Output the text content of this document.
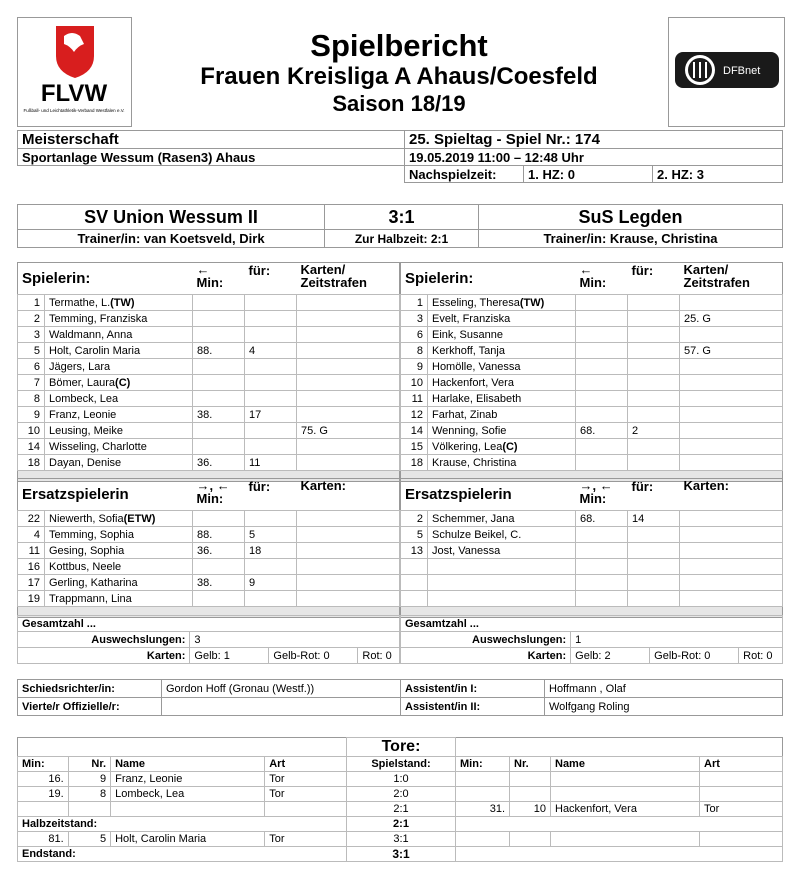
FLVW
Fußball- und Leichtathletik-Verband Westfalen e.V.
Spielbericht
Frauen Kreisliga A Ahaus/Coesfeld
Saison 18/19
DFBnet
Meisterschaft	25. Spieltag - Spiel Nr.: 174		
Sportanlage Wessum (Rasen3) Ahaus	19.05.2019 11:00 – 12:48 Uhr		
	Nachspielzeit:	1. HZ: 0	2. HZ: 3
SV Union Wessum II	3:1	SuS Legden
Trainer/in: van Koetsveld, Dirk	Zur Halbzeit: 2:1	Trainer/in: Krause, Christina
Spielerin:		←
Min:	für:	Karten/
Zeitstrafen
1	Termathe, L.(TW)			
2	Temming, Franziska			
3	Waldmann, Anna			
5	Holt, Carolin Maria	88.	4	
6	Jägers, Lara			
7	Bömer, Laura(C)			
8	Lombeck, Lea			
9	Franz, Leonie	38.	17	
10	Leusing, Meike			75. G
14	Wisseling, Charlotte			
18	Dayan, Denise	36.	11	

Spielerin:		←
Min:	für:	Karten/
Zeitstrafen
1	Esseling, Theresa(TW)			
3	Evelt, Franziska			25. G
6	Eink, Susanne			
8	Kerkhoff, Tanja			57. G
9	Homölle, Vanessa			
10	Hackenfort, Vera			
11	Harlake, Elisabeth			
12	Farhat, Zinab			
14	Wenning, Sofie	68.	2	
15	Völkering, Lea(C)			
18	Krause, Christina			

Ersatzspielerin		→, ←
Min:	für:	Karten:
22	Niewerth, Sofia(ETW)			
4	Temming, Sophia	88.	5	
11	Gesing, Sophia	36.	18	
16	Kottbus, Neele			
17	Gerling, Katharina	38.	9	
19	Trappmann, Lina			

Ersatzspielerin		→, ←
Min:	für:	Karten:
2	Schemmer, Jana	68.	14	
5	Schulze Beikel, C.			
13	Jost, Vanessa			

Gesamtzahl ...			
Auswechslungen:	3		
Karten:	Gelb: 1	Gelb-Rot: 0	Rot: 0
Gesamtzahl ...			
Auswechslungen:	1		
Karten:	Gelb: 2	Gelb-Rot: 0	Rot: 0
Schiedsrichter/in:	Gordon Hoff (Gronau (Westf.))	Assistent/in I:	Hoffmann , Olaf
Vierte/r Offizielle/r:		Assistent/in II:	Wolfgang Roling
				Tore:				
Min:	Nr.	Name	Art	Spielstand:	Min:	Nr.	Name	Art
16.	9	Franz, Leonie	Tor	1:0				
19.	8	Lombeck, Lea	Tor	2:0				
				2:1	31.	10	Hackenfort, Vera	Tor
Halbzeitstand:				2:1				
81.	5	Holt, Carolin Maria	Tor	3:1				
Endstand:				3:1				
